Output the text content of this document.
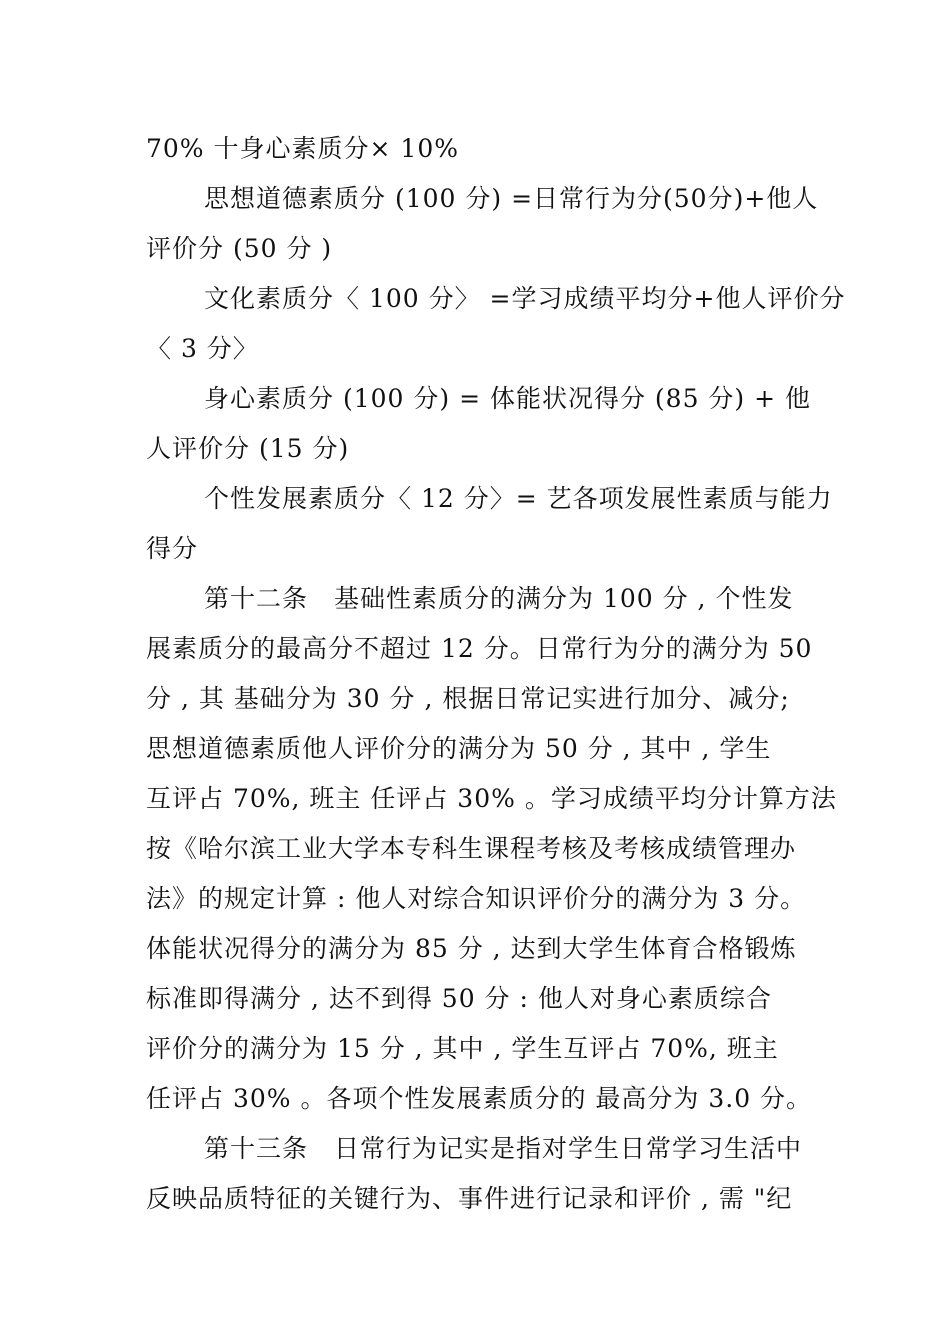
70% 十身心素质分× 10%
思想道德素质分 (100 分) =日常行为分(50分)+他人
评价分 (50 分 )
文化素质分〈 100 分〉 =学习成绩平均分+他人评价分
〈 3 分〉
身心素质分 (100 分) = 体能状况得分 (85 分) + 他
人评价分 (15 分)
个性发展素质分〈 12 分〉= 艺各项发展性素质与能力
得分
第十二条　基础性素质分的满分为 100 分 , 个性发
展素质分的最高分不超过 12 分。日常行为分的满分为 50
分 , 其 基础分为 30 分 , 根据日常记实进行加分、减分;
思想道德素质他人评价分的满分为 50 分 , 其中 , 学生
互评占 70%, 班主 任评占 30% 。学习成绩平均分计算方法
按《哈尔滨工业大学本专科生课程考核及考核成绩管理办
法》的规定计算 : 他人对综合知识评价分的满分为 3 分。
体能状况得分的满分为 85 分 , 达到大学生体育合格锻炼
标准即得满分 , 达不到得 50 分 : 他人对身心素质综合
评价分的满分为 15 分 , 其中 , 学生互评占 70%, 班主
任评占 30% 。各项个性发展素质分的 最高分为 3.0 分。
第十三条　日常行为记实是指对学生日常学习生活中
反映品质特征的关键行为、事件进行记录和评价 , 需 "纪
